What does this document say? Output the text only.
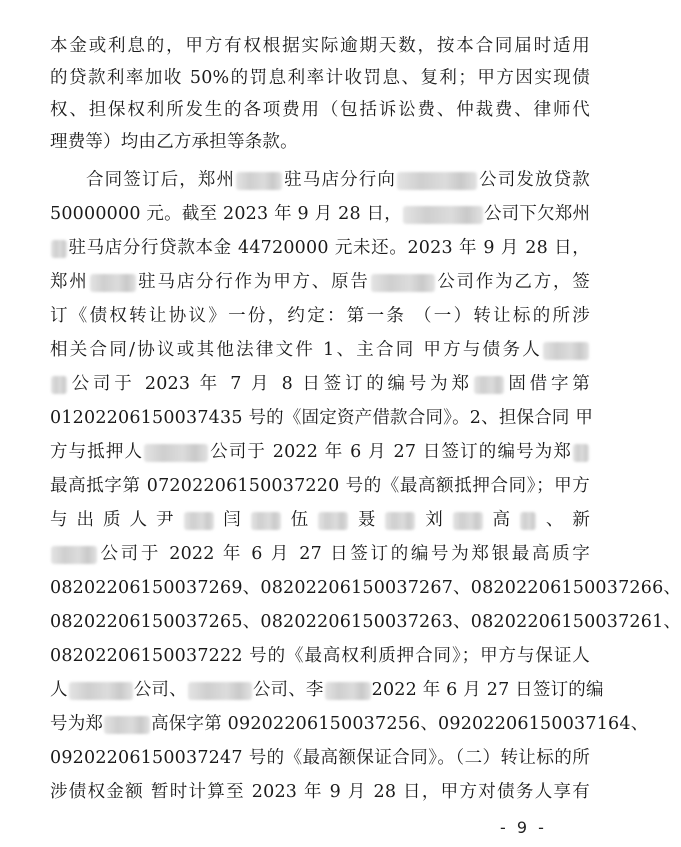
本金或利息的，甲方有权根据实际逾期天数，按本合同届时适用
的贷款利率加收 50%的罚息利率计收罚息、复利；甲方因实现债
权、担保权利所发生的各项费用（包括诉讼费、仲裁费、律师代
理费等）均由乙方承担等条款。
合同签订后，郑州	驻马店分行向	公司发放贷款
50000000 元。截至 2023 年 9 月 28 日，	公司下欠郑州
驻马店分行贷款本金 44720000 元未还。2023 年 9 月 28 日，
郑州	驻马店分行作为甲方、原告	公司作为乙方，签
订《债权转让协议》一份，约定：第一条 （一）转让标的所涉
相关合同/协议或其他法律文件 1、主合同 甲方与债务人
公司于 2023 年 7 月 8 日签订的编号为郑 固借字第
01202206150037435 号的《固定资产借款合同》。2、担保合同 甲
方与抵押人	公司于 2022 年 6 月 27 日签订的编号为郑
最高抵字第 07202206150037220 号的《最高额抵押合同》；甲方
与出质人尹 闫 伍 聂 刘 高 、新
公司于 2022 年 6 月 27 日签订的编号为郑银最高质字
08202206150037269、08202206150037267、08202206150037266、
08202206150037265、08202206150037263、08202206150037261、
08202206150037222 号的《最高权利质押合同》；甲方与保证人
人	公司、	公司、李	2022 年 6 月 27 日签订的编
号为郑	高保字第 09202206150037256、09202206150037164、
09202206150037247 号的《最高额保证合同》。（二）转让标的所
涉债权金额 暂时计算至 2023 年 9 月 28 日，甲方对债务人享有
- 9 -
